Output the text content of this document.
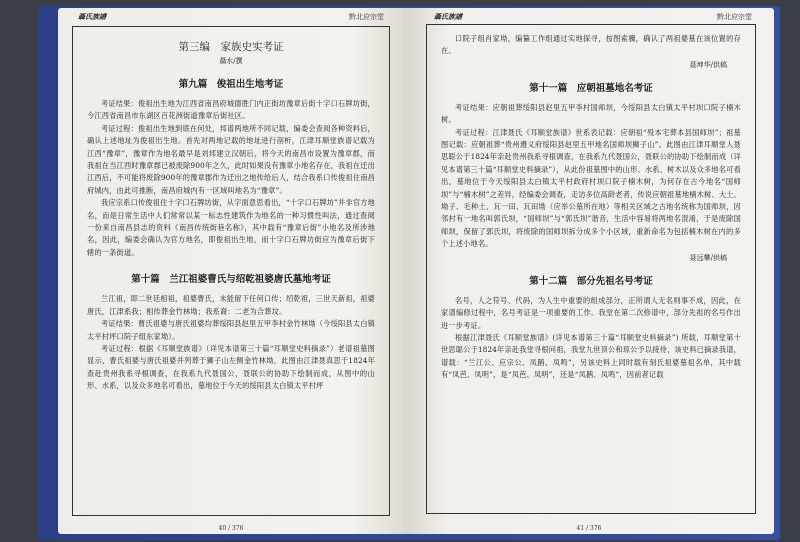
聶氏族譜	黔北应宗堂
第三编　家族史实考证
聶水/撰
第九篇　俊祖出生地考证

考证结果：俊祖出生地为江西省南昌府城德胜门内正街坊豫章后街十字口石牌坊街，今江西省南昌市东湖区百花洲街道豫章后街社区。

考证过程：俊祖出生地到底在何处，邦谱两地所不同记载，编委会查阅各种资料后，确认上述地址为俊祖出生地。首先对两地记载的地址进行剖析，江津耳顺堂族谱记载为江西“豫章”，豫章作为地名最早是刘邦建立汉朝后，将今天的南昌市设置为豫章郡，而我祖在当江西时豫章郡已被废除900年之久，此时如果没有豫章小地名存在，我祖在迁出江西后，不可能将废除900年的豫章郡作为迁出之地传给后人，结合我系口传俊祖住南昌府城内，由此可推断，南昌府城内有一区域叫地名为“豫章”。

我应宗系口传俊祖住十字口石牌坊街，从字面意思看出，“十字口石牌坊”并非官方地名，而是日常生活中人们常常以某一标志性建筑作为地名的一种习惯性叫法，通过查阅一份来自南昌县志的资料《南昌传统街巷名称》，其中载有“豫章后街”小地名及所涉地名，因此，编委会确认为官方地名，即俊祖出生地，而十字口石牌坊街应为豫章后街下辖的一条街道。

第十篇　兰江祖婆曹氏与绍乾祖婆唐氏墓地考证

兰江祖，即二世廷相祖，祖婆曹氏，未能留下任何口传；绍乾祖，三世天新祖，祖婆唐氏，江津系我；相传葬金竹林坳；我系裔：二老为合葬坟。

考证结果：曹氏祖婆与唐氏祖婆均葬绥阳县赵里五甲李村金竹林坳（今绥阳县太白镇太平村坪口院子组东家坳）。

考证过程：根据《耳顺堂族谱》（详见本谱第三十篇“耳顺堂史料摘录”）老谱祖墓图显示，曹氏祖婆与唐氏祖婆并列葬于狮子山左侧金竹林坳，此图由江津聂真思于1824年查赴贵州我系寻根调查，在我系九代聂国公，聂联公的协助下绘制而成，从图中的山形、水系，以及众多地名可看出，墓地位于今天的绥阳县太白镇太平村坪

40 / 376
聶氏族譜	黔北应宗堂

口院子组肖家坳，编纂工作组通过实地探寻，按图索骥，确认了两祖婆墓在该位置的存在。

聂坤华/供稿
第十一篇　应朝祖墓地名考证

考证结果：应朝祖葬绥阳县赵里五甲李村国师坝，今绥阳县太白镇太平村坝口院子楠木树。

考证过程：江津聂氏《耳顺堂族谱》世系表记载：应朝祖“殁本宅葬本县国师坝”；祖墓图记载：应朝祖葬“贵州遵义府绥阳县赵里五甲地名国师坝狮子山”。此图由江津耳顺堂人聂思聪公于1824年亲赴贵州我系寻根调查，在我系九代聂国公，聂联公的协助下绘制而成（详见本谱第三十篇“耳顺堂史料摘录”），从此份祖墓图中的山形、水系、树木以及众多地名可看出，墓地位于今天绥阳县太白镇太平村政府村坝口院子楠木树，为何存在古今地名“国师坝”与“楠木树”之差异，经编委会调查，走访多位高龄老者，传说应朝祖墓地楠木树、大土、坳子、毛种土、瓦一田、瓦田坳（应举公墓所在地）等相关区域之古地名统称为国师坝，因邻村有一地名叫郭氏坝，“国师坝”与“郭氏坝”谐音，生活中容易将两地名混淆，于是废除国师坝，保留了郭氏坝，将废除的国师坝拆分成多个小区域，重新命名为包括楠木树在内的多个上述小地名。

聂远攀/供稿
第十二篇　部分先祖名号考证

名号，人之符号、代码，为人生中重要的组成部分，正所谓人无名则事不成，因此，在家谱编修过程中，名号考证是一项重要的工作。我堂在第二次修谱中，部分先祖的名号作出进一步考证。

根据江津聂氏《耳顺堂族谱》(详见本谱第三十篇“耳顺堂史料摘录”) 所载，耳顺堂第十世思聪公于1824年亲赴我堂寻根问祖，我堂九世顶公和琼公予以接待，该史料已摘录我谱，谱载：“兰江公、应宗公、凤鹅、凤鸣”，另该史料上同时载有刻氏祖婆墓祖名单，其中载有“凤芭、凤明”，是“凤芭、凤明”，还是“凤鹅、凤鸣”，因前者记载

41 / 376
